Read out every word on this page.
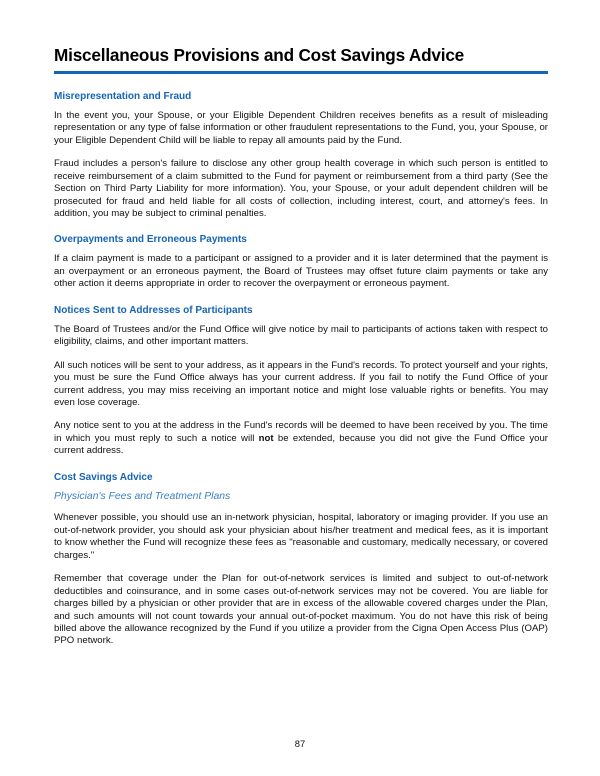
Miscellaneous Provisions and Cost Savings Advice
Misrepresentation and Fraud

In the event you, your Spouse, or your Eligible Dependent Children receives benefits as a result of misleading representation or any type of false information or other fraudulent representations to the Fund, you, your Spouse, or your Eligible Dependent Child will be liable to repay all amounts paid by the Fund.

Fraud includes a person's failure to disclose any other group health coverage in which such person is entitled to receive reimbursement of a claim submitted to the Fund for payment or reimbursement from a third party (See the Section on Third Party Liability for more information). You, your Spouse, or your adult dependent children will be prosecuted for fraud and held liable for all costs of collection, including interest, court, and attorney's fees. In addition, you may be subject to criminal penalties.

Overpayments and Erroneous Payments

If a claim payment is made to a participant or assigned to a provider and it is later determined that the payment is an overpayment or an erroneous payment, the Board of Trustees may offset future claim payments or take any other action it deems appropriate in order to recover the overpayment or erroneous payment.

Notices Sent to Addresses of Participants

The Board of Trustees and/or the Fund Office will give notice by mail to participants of actions taken with respect to eligibility, claims, and other important matters.

All such notices will be sent to your address, as it appears in the Fund's records. To protect yourself and your rights, you must be sure the Fund Office always has your current address. If you fail to notify the Fund Office of your current address, you may miss receiving an important notice and might lose valuable rights or benefits. You may even lose coverage.

Any notice sent to you at the address in the Fund's records will be deemed to have been received by you. The time in which you must reply to such a notice will not be extended, because you did not give the Fund Office your current address.

Cost Savings Advice
Physician's Fees and Treatment Plans

Whenever possible, you should use an in-network physician, hospital, laboratory or imaging provider. If you use an out-of-network provider, you should ask your physician about his/her treatment and medical fees, as it is important to know whether the Fund will recognize these fees as "reasonable and customary, medically necessary, or covered charges."

Remember that coverage under the Plan for out-of-network services is limited and subject to out-of-network deductibles and coinsurance, and in some cases out-of-network services may not be covered. You are liable for charges billed by a physician or other provider that are in excess of the allowable covered charges under the Plan, and such amounts will not count towards your annual out-of-pocket maximum. You do not have this risk of being billed above the allowance recognized by the Fund if you utilize a provider from the Cigna Open Access Plus (OAP) PPO network.

87
